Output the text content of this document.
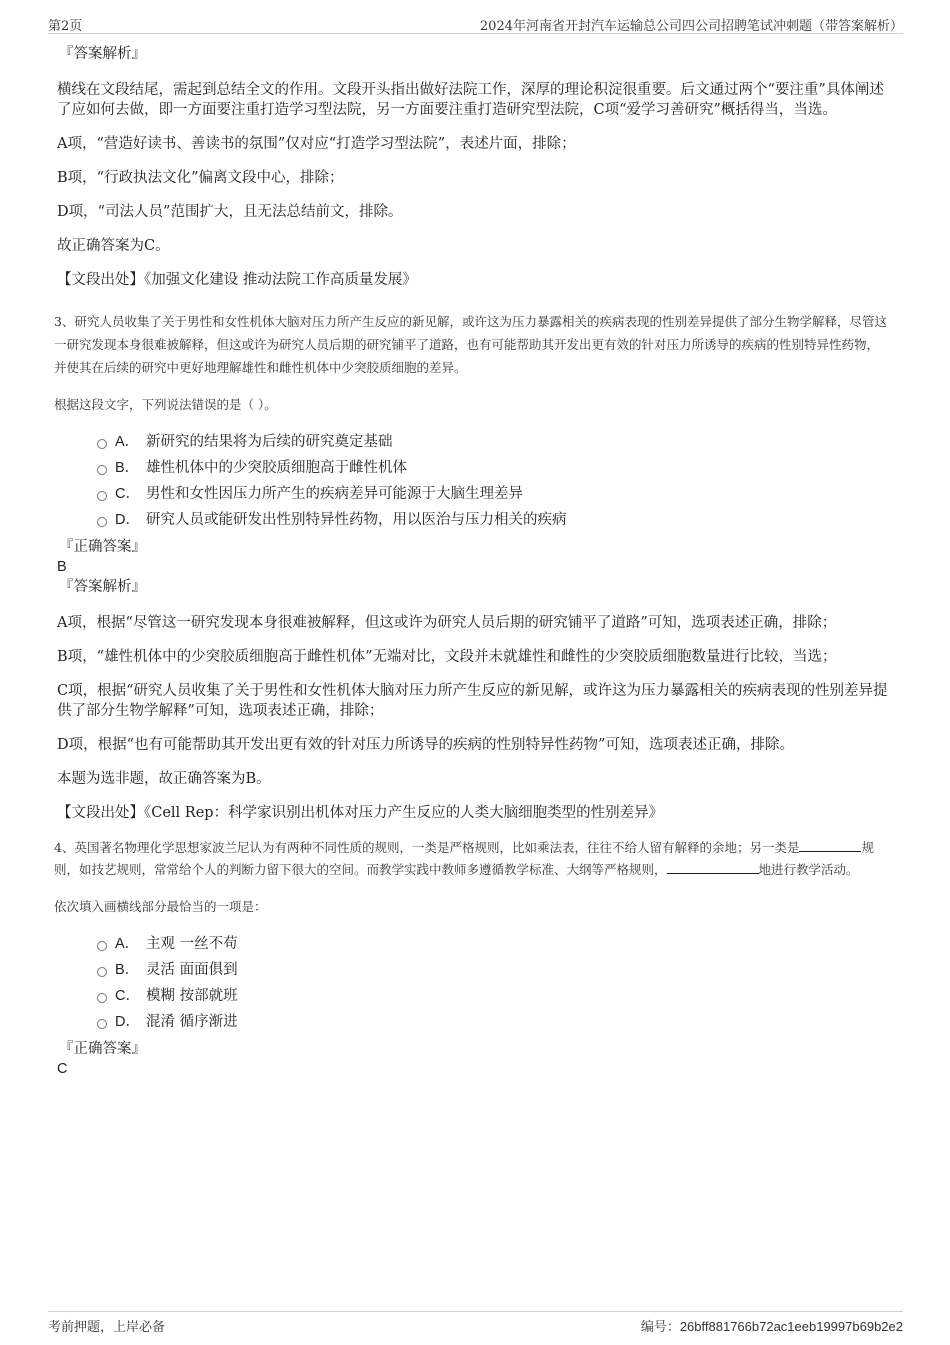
第2页	2024年河南省开封汽车运输总公司四公司招聘笔试冲刺题（带答案解析）

『答案解析』

横线在文段结尾，需起到总结全文的作用。文段开头指出做好法院工作，深厚的理论积淀很重要。后文通过两个“要注重”具体阐述了应如何去做，即一方面要注重打造学习型法院，另一方面要注重打造研究型法院，C项“爱学习善研究”概括得当，当选。

A项，“营造好读书、善读书的氛围”仅对应“打造学习型法院”，表述片面，排除；

B项，“行政执法文化”偏离文段中心，排除；

D项，“司法人员”范围扩大，且无法总结前文，排除。

故正确答案为C。

【文段出处】《加强文化建设 推动法院工作高质量发展》

3、研究人员收集了关于男性和女性机体大脑对压力所产生反应的新见解，或许这为压力暴露相关的疾病表现的性别差异提供了部分生物学解释，尽管这一研究发现本身很难被解释，但这或许为研究人员后期的研究铺平了道路，也有可能帮助其开发出更有效的针对压力所诱导的疾病的性别特异性药物，并使其在后续的研究中更好地理解雄性和雌性机体中少突胶质细胞的差异。

根据这段文字，下列说法错误的是（ ）。

A． 新研究的结果将为后续的研究奠定基础
B． 雄性机体中的少突胶质细胞高于雌性机体
C． 男性和女性因压力所产生的疾病差异可能源于大脑生理差异
D． 研究人员或能研发出性别特异性药物，用以医治与压力相关的疾病

『正确答案』

B

『答案解析』

A项，根据“尽管这一研究发现本身很难被解释，但这或许为研究人员后期的研究铺平了道路”可知，选项表述正确，排除；

B项，“雄性机体中的少突胶质细胞高于雌性机体”无端对比，文段并未就雄性和雌性的少突胶质细胞数量进行比较，当选；

C项，根据“研究人员收集了关于男性和女性机体大脑对压力所产生反应的新见解，或许这为压力暴露相关的疾病表现的性别差异提供了部分生物学解释”可知，选项表述正确，排除；

D项，根据“也有可能帮助其开发出更有效的针对压力所诱导的疾病的性别特异性药物”可知，选项表述正确，排除。

本题为选非题，故正确答案为B。

【文段出处】《Cell Rep：科学家识别出机体对压力产生反应的人类大脑细胞类型的性别差异》

4、英国著名物理化学思想家波兰尼认为有两种不同性质的规则，一类是严格规则，比如乘法表，往往不给人留有解释的余地；另一类是	规则，如技艺规则，常常给个人的判断力留下很大的空间。而教学实践中教师多遵循教学标准、大纲等严格规则，	地进行教学活动。

依次填入画横线部分最恰当的一项是：

A． 主观 一丝不苟
B． 灵活 面面俱到
C． 模糊 按部就班
D． 混淆 循序渐进

『正确答案』

C

考前押题，上岸必备	编号：26bff881766b72ac1eeb19997b69b2e2
